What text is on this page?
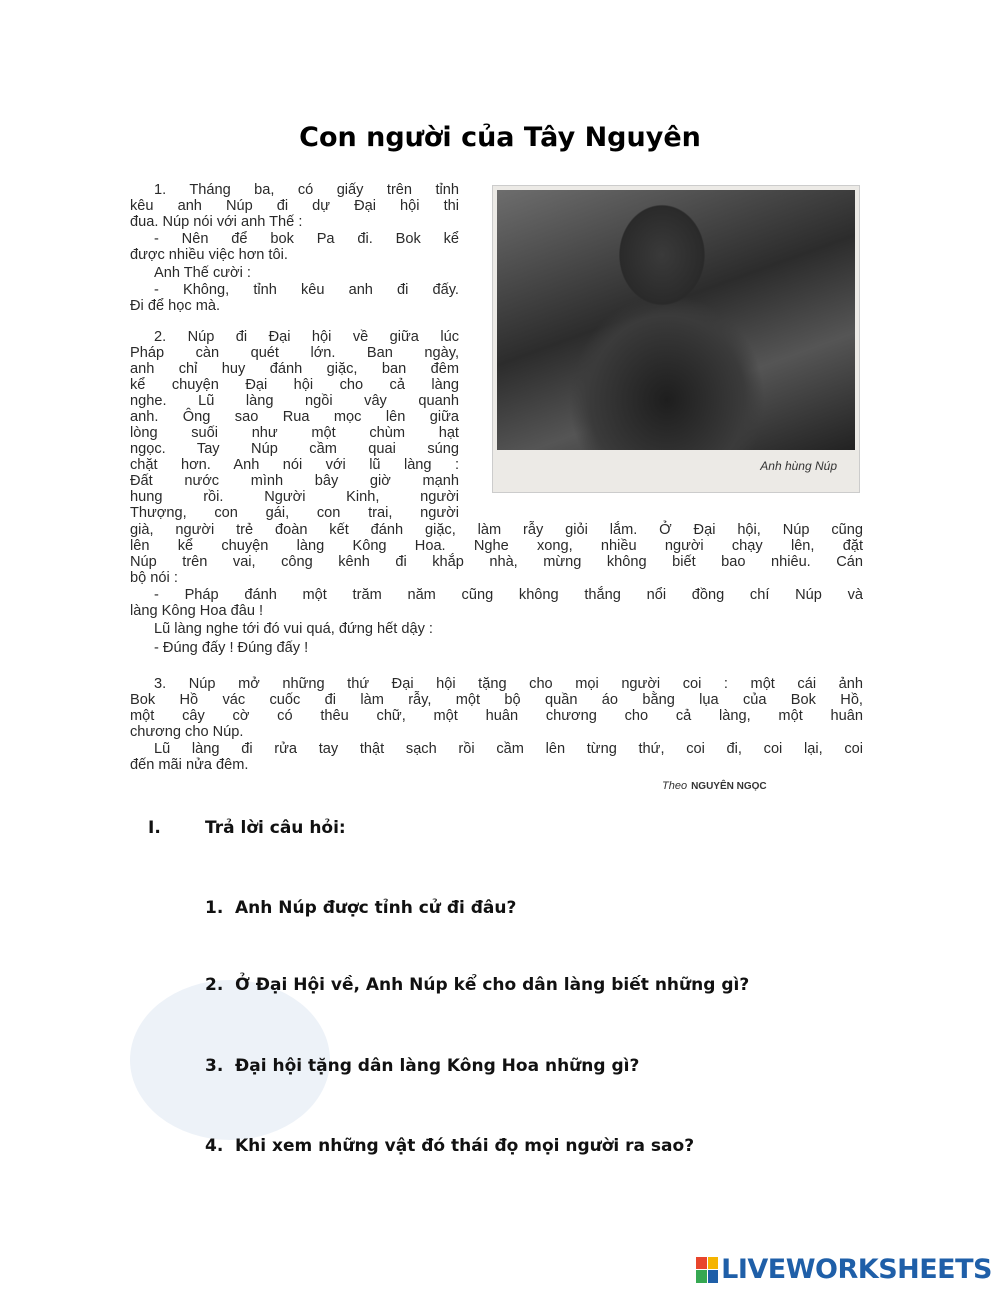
Con người của Tây Nguyên
1. Tháng ba, có giấy trên tỉnh
kêu anh Núp đi dự Đại hội thi
đua. Núp nói với anh Thế :
- Nên để bok Pa đi. Bok kể
được nhiều việc hơn tôi.
Anh Thế cười :
- Không, tỉnh kêu anh đi đấy.
Đi để học mà.
2. Núp đi Đại hội về giữa lúc
Pháp càn quét lớn. Ban ngày,
anh chỉ huy đánh giặc, ban đêm
kể chuyện Đại hội cho cả làng
nghe. Lũ làng ngồi vây quanh
anh. Ông sao Rua mọc lên giữa
lòng suối như một chùm hạt
ngọc. Tay Núp cầm quai súng
chặt hơn. Anh nói với lũ làng :
Đất nước mình bây giờ mạnh
hung rồi. Người Kinh, người
Thượng, con gái, con trai, người
già, người trẻ đoàn kết đánh giặc, làm rẫy giỏi lắm. Ở Đại hội, Núp cũng
lên kể chuyện làng Kông Hoa. Nghe xong, nhiều người chạy lên, đặt
Núp trên vai, công kênh đi khắp nhà, mừng không biết bao nhiêu. Cán
bộ nói :
- Pháp đánh một trăm năm cũng không thắng nổi đồng chí Núp và
làng Kông Hoa đâu !
Lũ làng nghe tới đó vui quá, đứng hết dậy :
- Đúng đấy ! Đúng đấy !
3. Núp mở những thứ Đại hội tặng cho mọi người coi : một cái ảnh
Bok Hồ vác cuốc đi làm rẫy, một bộ quần áo bằng lụa của Bok Hồ,
một cây cờ có thêu chữ, một huân chương cho cả làng, một huân
chương cho Núp.
Lũ làng đi rửa tay thật sạch rồi cầm lên từng thứ, coi đi, coi lại, coi
đến mãi nửa đêm.
Anh hùng Núp
Theo NGUYÊN NGỌC
I.	Trả lời câu hỏi:
1. Anh Núp được tỉnh cử đi đâu?
2. Ở Đại Hội về, Anh Núp kể cho dân làng biết những gì?
3. Đại hội tặng dân làng Kông Hoa những gì?
4. Khi xem những vật đó thái đọ mọi người ra sao?
LIVEWORKSHEETS
